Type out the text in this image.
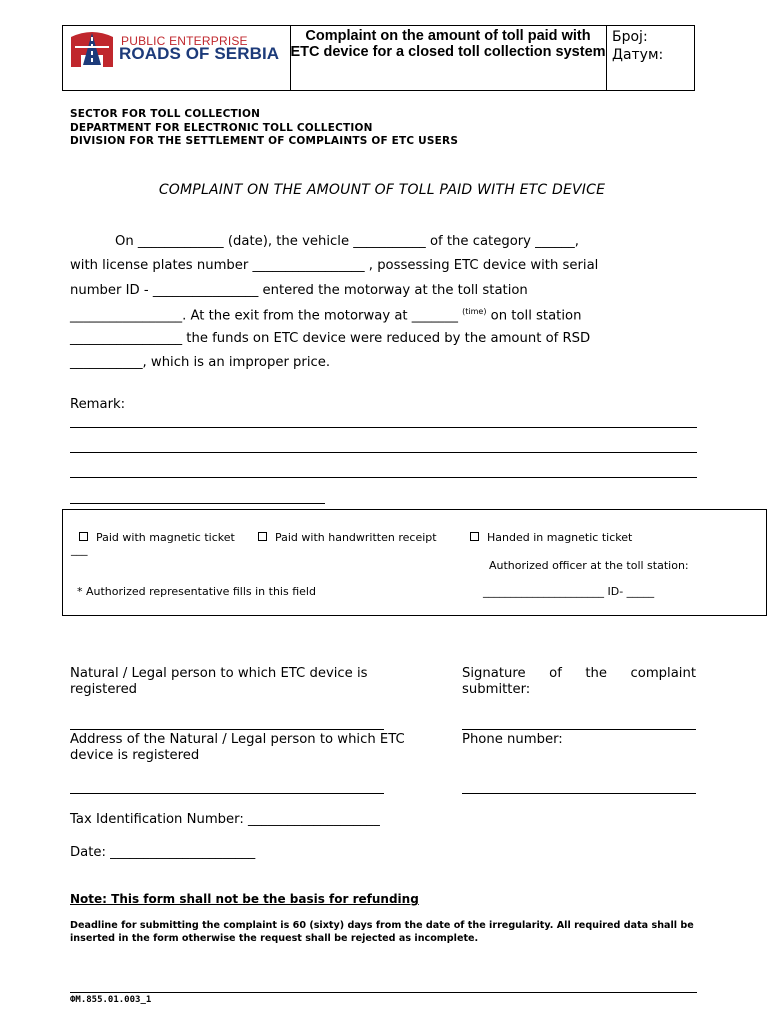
PUBLIC ENTERPRISE
ROADS OF SERBIA
Complaint on the amount of toll paid with ETC device for a closed toll collection system
Број:
Датум:
SECTOR FOR TOLL COLLECTION
DEPARTMENT FOR ELECTRONIC TOLL COLLECTION
DIVISION FOR THE SETTLEMENT OF COMPLAINTS OF ETC USERS
COMPLAINT ON THE AMOUNT OF TOLL PAID WITH ETC DEVICE
On _____________ (date), the vehicle ___________ of the category ______,
with license plates number _________________ , possessing ETC device with serial
number ID - ________________ entered the motorway at the toll station
_________________. At the exit from the motorway at _______ $^{(time)}$ on toll station
_________________ the funds on ETC device were reduced by the amount of RSD
___________, which is an improper price.
Remark:
Paid with magnetic ticket	Paid with handwritten receipt	Handed in magnetic ticket
___
Authorized officer at the toll station:
* Authorized representative fills in this field	______________________ ID- _____
Natural / Legal person to which ETC device is registered
Signature of the complaint submitter:
Address of the Natural / Legal person to which ETC device is registered
Phone number:
Tax Identification Number: ____________________
Date: ______________________
Note: This form shall not be the basis for refunding
Deadline for submitting the complaint is 60 (sixty) days from the date of the irregularity. All required data shall be inserted in the form otherwise the request shall be rejected as incomplete.
ФМ.855.01.003_1
